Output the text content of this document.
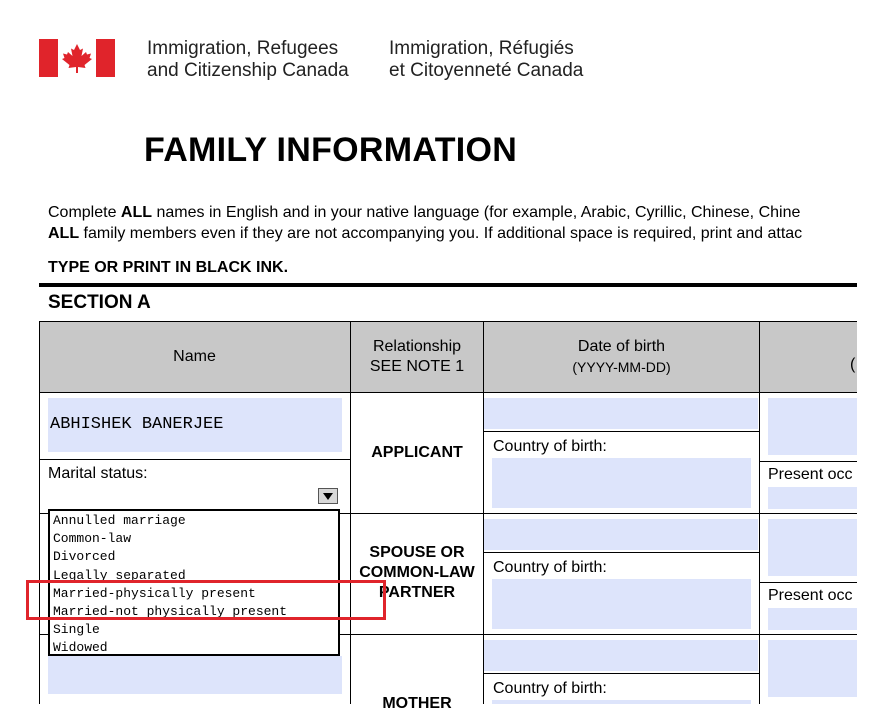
Immigration, Refugees
and Citizenship Canada
Immigration, Réfugiés
et Citoyenneté Canada
FAMILY INFORMATION
Complete ALL names in English and in your native language (for example, Arabic, Cyrillic, Chinese, Chine
ALL family members even if they are not accompanying you. If additional space is required, print and attac
TYPE OR PRINT IN BLACK INK.
SECTION A
Name
Relationship
SEE NOTE 1
Date of birth
(YYYY-MM-DD)	(
ABHISHEK BANERJEE
Marital status:
APPLICANT	Country of birth:
Present occ
SPOUSE OR
COMMON-LAW
PARTNER
Country of birth:
Present occ
MOTHER
Country of birth:
Annulled marriage
Common-law
Divorced
Legally separated
Married-physically present
Married-not physically present
Single
Widowed
